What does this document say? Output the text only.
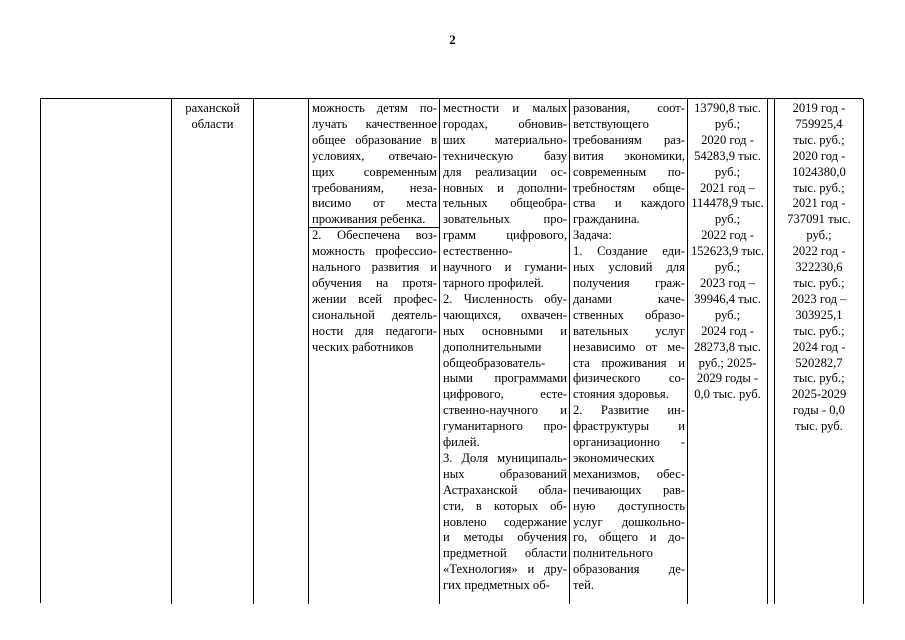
2
раханской
области
можность детям по-
лучать качественное
общее образование в
условиях, отвечаю-
щих современным
требованиям, неза-
висимо от места
проживания ребенка.
2. Обеспечена воз-
можность профессио-
нального развития и
обучения на протя-
жении всей профес-
сиональной деятель-
ности для педагоги-
ческих работников
местности и малых
городах, обновив-
ших материально-
техническую базу
для реализации ос-
новных и дополни-
тельных общеобра-
зовательных про-
грамм цифрового,
естественно-
научного и гумани-
тарного профилей.
2. Численность обу-
чающихся, охвачен-
ных основными и
дополнительными
общеобразователь-
ными программами
цифрового, есте-
ственно-научного и
гуманитарного про-
филей.
3. Доля муниципаль-
ных образований
Астраханской обла-
сти, в которых об-
новлено содержание
и методы обучения
предметной области
«Технология» и дру-
гих предметных об-
разования, соот-
ветствующего
требованиям раз-
вития экономики,
современным по-
требностям обще-
ства и каждого
гражданина.
Задача:
1. Создание еди-
ных условий для
получения граж-
данами каче-
ственных образо-
вательных услуг
независимо от ме-
ста проживания и
физического со-
стояния здоровья.
2. Развитие ин-
фраструктуры и
организационно -
экономических
механизмов, обес-
печивающих рав-
ную доступность
услуг дошкольно-
го, общего и до-
полнительного
образования де-
тей.
13790,8 тыс.
руб.;
2020 год -
54283,9 тыс.
руб.;
2021 год –
114478,9 тыс.
руб.;
2022 год -
152623,9 тыс.
руб.;
2023 год –
39946,4 тыс.
руб.;
2024 год -
28273,8 тыс.
руб.; 2025-
2029 годы -
0,0 тыс. руб.
2019 год -
759925,4
тыс. руб.;
2020 год -
1024380,0
тыс. руб.;
2021 год -
737091 тыс.
руб.;
2022 год -
322230,6
тыс. руб.;
2023 год –
303925,1
тыс. руб.;
2024 год -
520282,7
тыс. руб.;
2025-2029
годы - 0,0
тыс. руб.
